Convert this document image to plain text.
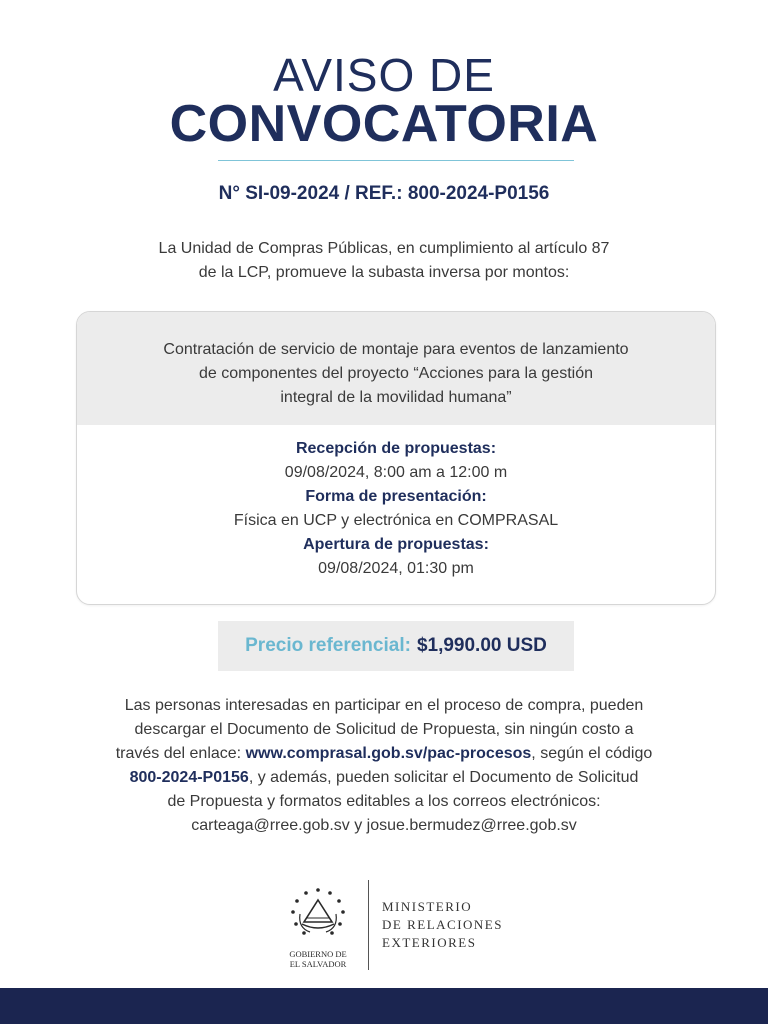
AVISO DE
CONVOCATORIA
N° SI-09-2024 / REF.: 800-2024-P0156
La Unidad de Compras Públicas, en cumplimiento al artículo 87
de la LCP, promueve la subasta inversa por montos:
Contratación de servicio de montaje para eventos de lanzamiento
de componentes del proyecto “Acciones para la gestión
integral de la movilidad humana”
Recepción de propuestas:
09/08/2024, 8:00 am a 12:00 m
Forma de presentación:
Física en UCP y electrónica en COMPRASAL
Apertura de propuestas:
09/08/2024, 01:30 pm
Precio referencial: $1,990.00 USD
Las personas interesadas en participar en el proceso de compra, pueden
descargar el Documento de Solicitud de Propuesta, sin ningún costo a
través del enlace: www.comprasal.gob.sv/pac-procesos, según el código
800-2024-P0156, y además, pueden solicitar el Documento de Solicitud
de Propuesta y formatos editables a los correos electrónicos:
carteaga@rree.gob.sv y josue.bermudez@rree.gob.sv
GOBIERNO DE
EL SALVADOR
MINISTERIO
DE RELACIONES
EXTERIORES
